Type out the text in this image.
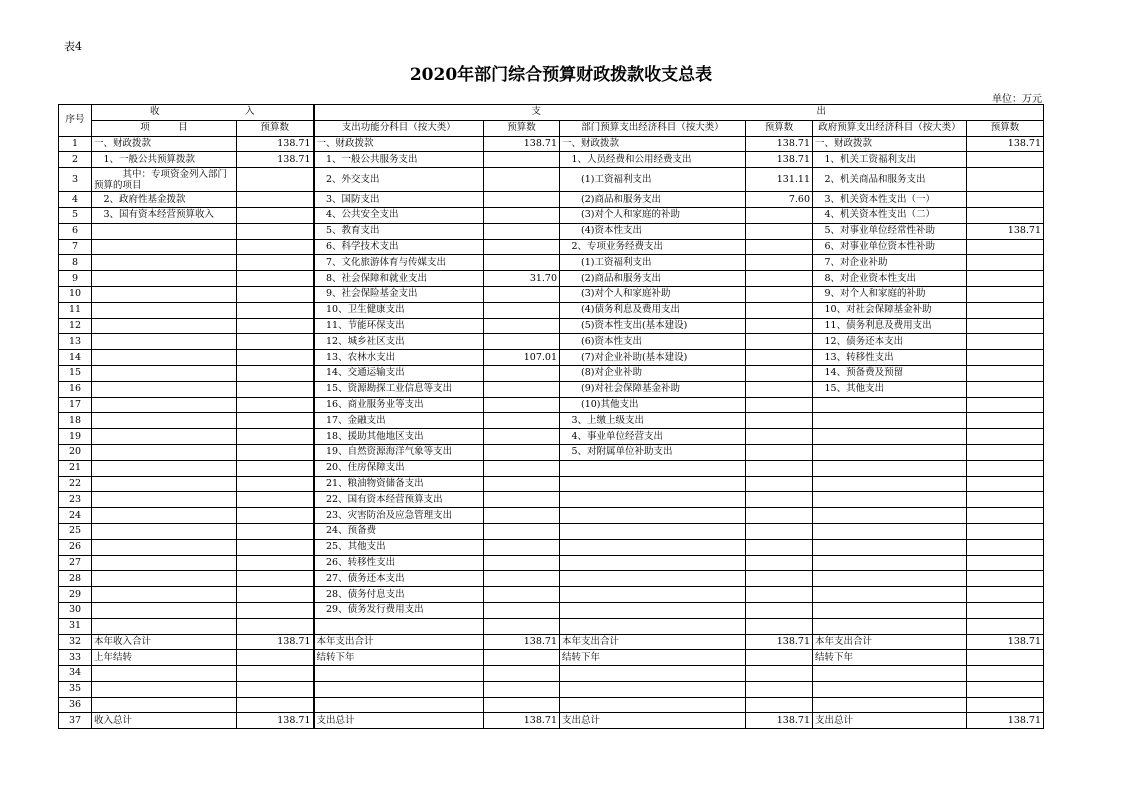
表4
2020年部门综合预算财政拨款收支总表
单位：万元
序号	收　　　　　　　　　入		支　　　　　　　　　　　　　　　　　　　　　　　　　　　　　出					
	项　　　目	预算数	支出功能分科目（按大类）	预算数	部门预算支出经济科目（按大类）	预算数	政府预算支出经济科目（按大类）	预算数
1	一、财政拨款	138.71	一、财政拨款	138.71	一、财政拨款	138.71	一、财政拨款	138.71
2	　1、一般公共预算拨款	138.71	　1、一般公共服务支出		　1、人员经费和公用经费支出	138.71	　1、机关工资福利支出	
3	　　　其中：专项资金列入部门预算的项目		　2、外交支出		　　(1)工资福利支出	131.11	　2、机关商品和服务支出	
4	　2、政府性基金拨款		　3、国防支出		　　(2)商品和服务支出	7.60	　3、机关资本性支出（一）	
5	　3、国有资本经营预算收入		　4、公共安全支出		　　(3)对个人和家庭的补助		　4、机关资本性支出（二）	
6			　5、教育支出		　　(4)资本性支出		　5、对事业单位经常性补助	138.71
7			　6、科学技术支出		　2、专项业务经费支出		　6、对事业单位资本性补助	
8			　7、文化旅游体育与传媒支出		　　(1)工资福利支出		　7、对企业补助	
9			　8、社会保障和就业支出	31.70	　　(2)商品和服务支出		　8、对企业资本性支出	
10			　9、社会保险基金支出		　　(3)对个人和家庭补助		　9、对个人和家庭的补助	
11			　10、卫生健康支出		　　(4)债务利息及费用支出		　10、对社会保障基金补助	
12			　11、节能环保支出		　　(5)资本性支出(基本建设)		　11、债务利息及费用支出	
13			　12、城乡社区支出		　　(6)资本性支出		　12、债务还本支出	
14			　13、农林水支出	107.01	　　(7)对企业补助(基本建设)		　13、转移性支出	
15			　14、交通运输支出		　　(8)对企业补助		　14、预备费及预留	
16			　15、资源勘探工业信息等支出		　　(9)对社会保障基金补助		　15、其他支出	
17			　16、商业服务业等支出		　　(10)其他支出			
18			　17、金融支出		　3、上缴上级支出			
19			　18、援助其他地区支出		　4、事业单位经营支出			
20			　19、自然资源海洋气象等支出		　5、对附属单位补助支出			
21			　20、住房保障支出					
22			　21、粮油物资储备支出					
23			　22、国有资本经营预算支出					
24			　23、灾害防治及应急管理支出					
25			　24、预备费					
26			　25、其他支出					
27			　26、转移性支出					
28			　27、债务还本支出					
29			　28、债务付息支出					
30			　29、债务发行费用支出					
31								
32	本年收入合计	138.71	本年支出合计	138.71	本年支出合计	138.71	本年支出合计	138.71
33	上年结转		结转下年		结转下年		结转下年	
34								
35								
36								
37	收入总计	138.71	支出总计	138.71	支出总计	138.71	支出总计	138.71
